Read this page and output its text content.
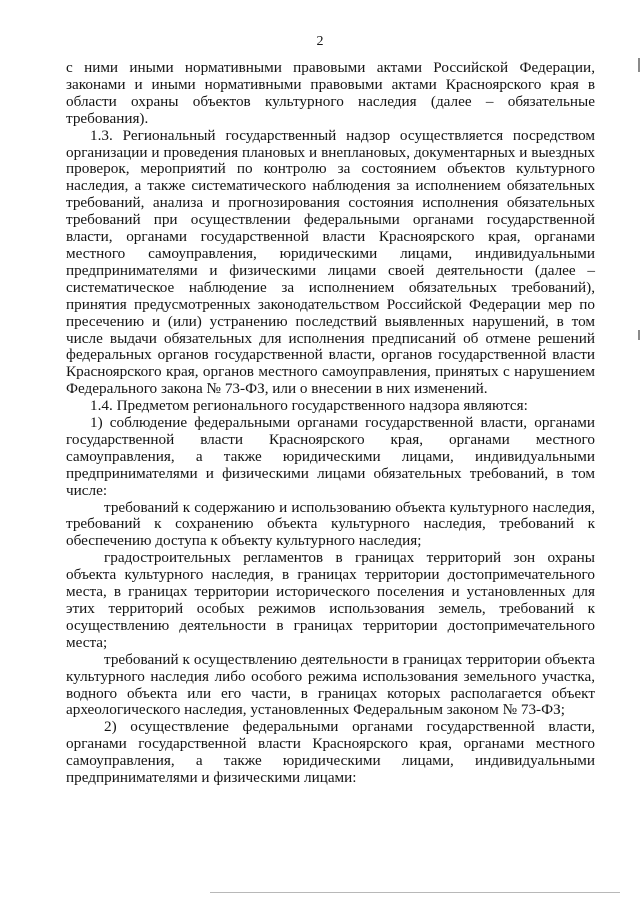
2

с ними иными нормативными правовыми актами Российской Федерации, законами и иными нормативными правовыми актами Красноярского края в области охраны объектов культурного наследия (далее – обязательные требования).

1.3. Региональный государственный надзор осуществляется посредством организации и проведения плановых и внеплановых, документарных и выездных проверок, мероприятий по контролю за состоянием объектов культурного наследия, а также систематического наблюдения за исполнением обязательных требований, анализа и прогнозирования состояния исполнения обязательных требований при осуществлении федеральными органами государственной власти, органами государственной власти Красноярского края, органами местного самоуправления, юридическими лицами, индивидуальными предпринимателями и физическими лицами своей деятельности (далее – систематическое наблюдение за исполнением обязательных требований), принятия предусмотренных законодательством Российской Федерации мер по пресечению и (или) устранению последствий выявленных нарушений, в том числе выдачи обязательных для исполнения предписаний об отмене решений федеральных органов государственной власти, органов государственной власти Красноярского края, органов местного самоуправления, принятых с нарушением Федерального закона № 73-ФЗ, или о внесении в них изменений.

1.4. Предметом регионального государственного надзора являются:

1) соблюдение федеральными органами государственной власти, органами государственной власти Красноярского края, органами местного самоуправления, а также юридическими лицами, индивидуальными предпринимателями и физическими лицами обязательных требований, в том числе:

требований к содержанию и использованию объекта культурного наследия, требований к сохранению объекта культурного наследия, требований к обеспечению доступа к объекту культурного наследия;

градостроительных регламентов в границах территорий зон охраны объекта культурного наследия, в границах территории достопримечательного места, в границах территории исторического поселения и установленных для этих территорий особых режимов использования земель, требований к осуществлению деятельности в границах территории достопримечательного места;

требований к осуществлению деятельности в границах территории объекта культурного наследия либо особого режима использования земельного участка, водного объекта или его части, в границах которых располагается объект археологического наследия, установленных Федеральным законом № 73-ФЗ;

2) осуществление федеральными органами государственной власти, органами государственной власти Красноярского края, органами местного самоуправления, а также юридическими лицами, индивидуальными предпринимателями и физическими лицами:
